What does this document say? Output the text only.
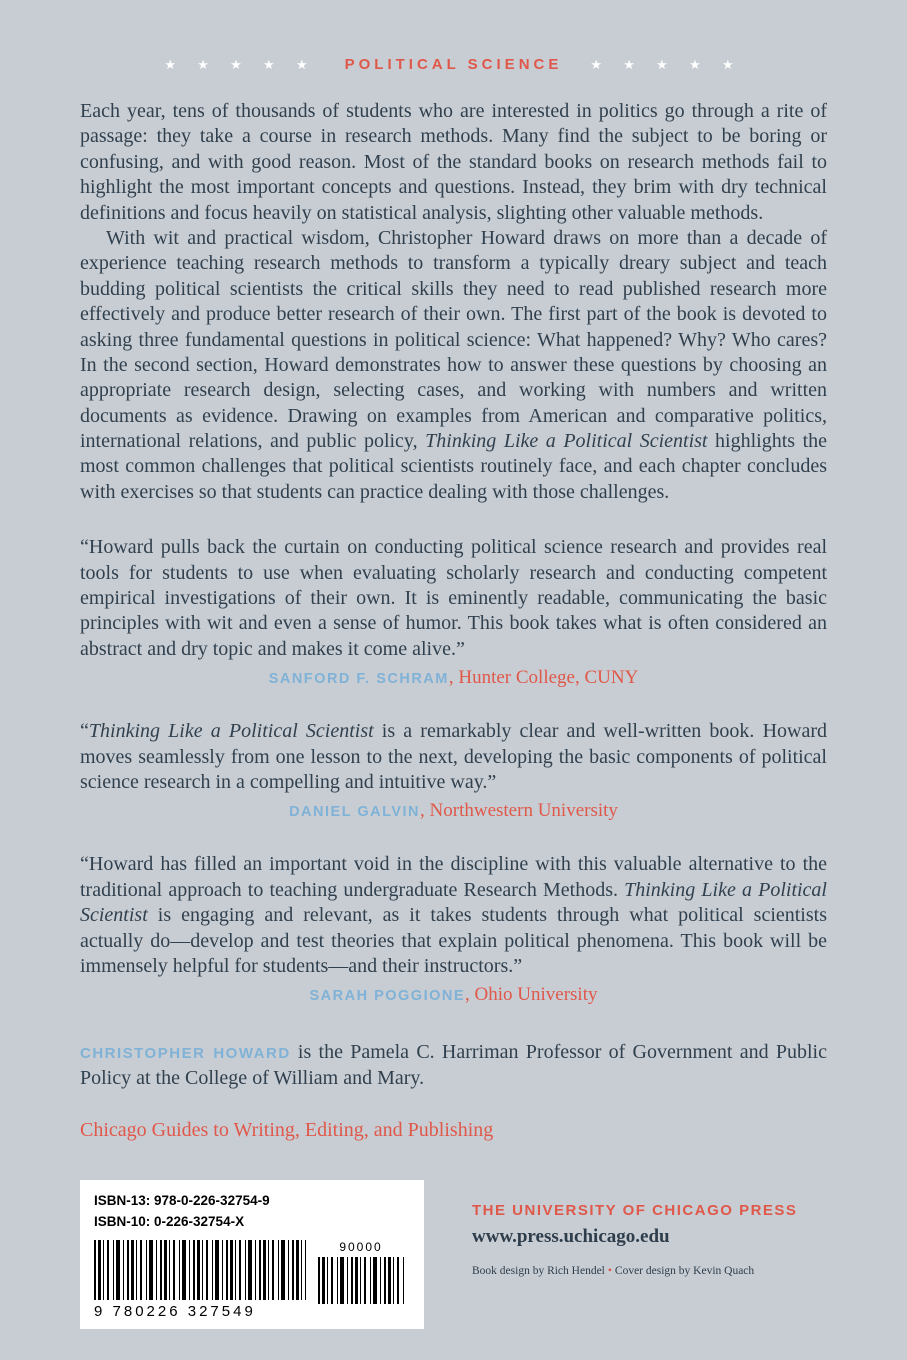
★ ★ ★ ★ ★ POLITICAL SCIENCE ★ ★ ★ ★ ★

Each year, tens of thousands of students who are interested in politics go through a rite of passage: they take a course in research methods. Many find the subject to be boring or confusing, and with good reason. Most of the standard books on research methods fail to highlight the most important concepts and questions. Instead, they brim with dry technical definitions and focus heavily on statistical analysis, slighting other valuable methods.

With wit and practical wisdom, Christopher Howard draws on more than a decade of experience teaching research methods to transform a typically dreary subject and teach budding political scientists the critical skills they need to read published research more effectively and produce better research of their own. The first part of the book is devoted to asking three fundamental questions in political science: What happened? Why? Who cares? In the second section, Howard demonstrates how to answer these questions by choosing an appropriate research design, selecting cases, and working with numbers and written documents as evidence. Drawing on examples from American and comparative politics, international relations, and public policy, Thinking Like a Political Scientist highlights the most common challenges that political scientists routinely face, and each chapter concludes with exercises so that students can practice dealing with those challenges.

“Howard pulls back the curtain on conducting political science research and provides real tools for students to use when evaluating scholarly research and conducting competent empirical investigations of their own. It is eminently readable, communicating the basic principles with wit and even a sense of humor. This book takes what is often considered an abstract and dry topic and makes it come alive.”

SANFORD F. SCHRAM, Hunter College, CUNY

“Thinking Like a Political Scientist is a remarkably clear and well-written book. Howard moves seamlessly from one lesson to the next, developing the basic components of political science research in a compelling and intuitive way.”

DANIEL GALVIN, Northwestern University

“Howard has filled an important void in the discipline with this valuable alternative to the traditional approach to teaching undergraduate Research Methods. Thinking Like a Political Scientist is engaging and relevant, as it takes students through what political scientists actually do—develop and test theories that explain political phenomena. This book will be immensely helpful for students—and their instructors.”

SARAH POGGIONE, Ohio University

CHRISTOPHER HOWARD is the Pamela C. Harriman Professor of Government and Public Policy at the College of William and Mary.

Chicago Guides to Writing, Editing, and Publishing

ISBN-13: 978-0-226-32754-9
ISBN-10: 0-226-32754-X
9 780226 327549
90000
THE UNIVERSITY OF CHICAGO PRESS
www.press.uchicago.edu
Book design by Rich Hendel • Cover design by Kevin Quach
